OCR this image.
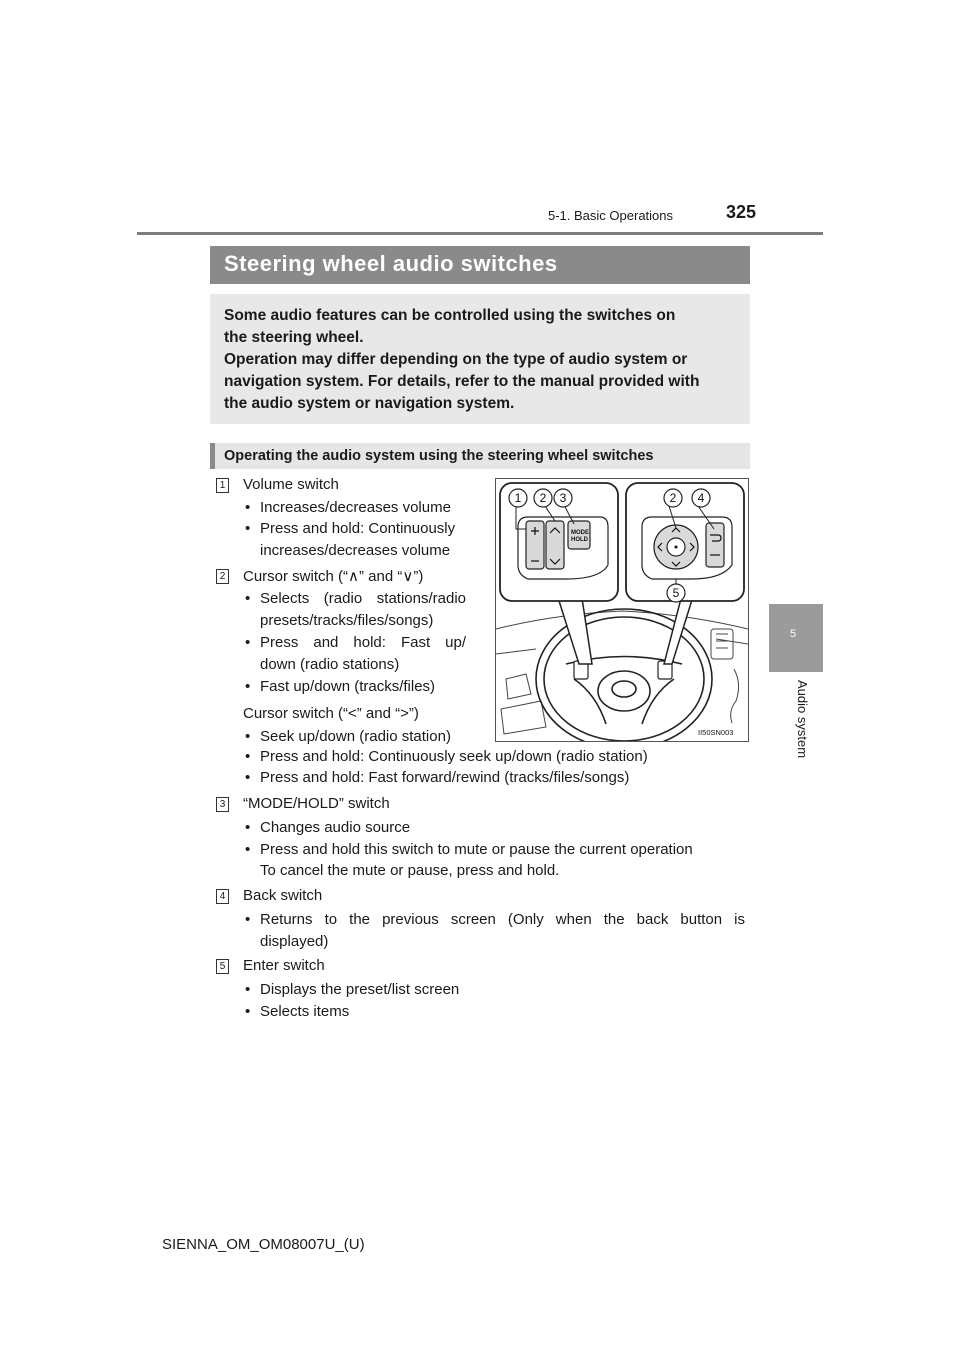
5-1. Basic Operations	325
5
Audio system
Steering wheel audio switches
Some audio features can be controlled using the switches on
the steering wheel.
Operation may differ depending on the type of audio system or
navigation system. For details, refer to the manual provided with
the audio system or navigation system.
Operating the audio system using the steering wheel switches
1 Volume switch
• Increases/decreases volume
• Press and hold: Continuously
increases/decreases volume
2 Cursor switch (“∧” and “∨”)
• Selects (radio stations/radio
presets/tracks/files/songs)
• Press and hold: Fast up/
down (radio stations)
• Fast up/down (tracks/files)
Cursor switch (“<” and “>”)
• Seek up/down (radio station)
• Press and hold: Continuously seek up/down (radio station)
• Press and hold: Fast forward/rewind (tracks/files/songs)
3 “MODE/HOLD” switch
• Changes audio source
• Press and hold this switch to mute or pause the current operation
To cancel the mute or pause, press and hold.
4 Back switch
• Returns to the previous screen (Only when the back button is
displayed)
5 Enter switch
• Displays the preset/list screen
• Selects items
MODE
HOLD
1 2 3	2 4
5
II50SN003
SIENNA_OM_OM08007U_(U)
